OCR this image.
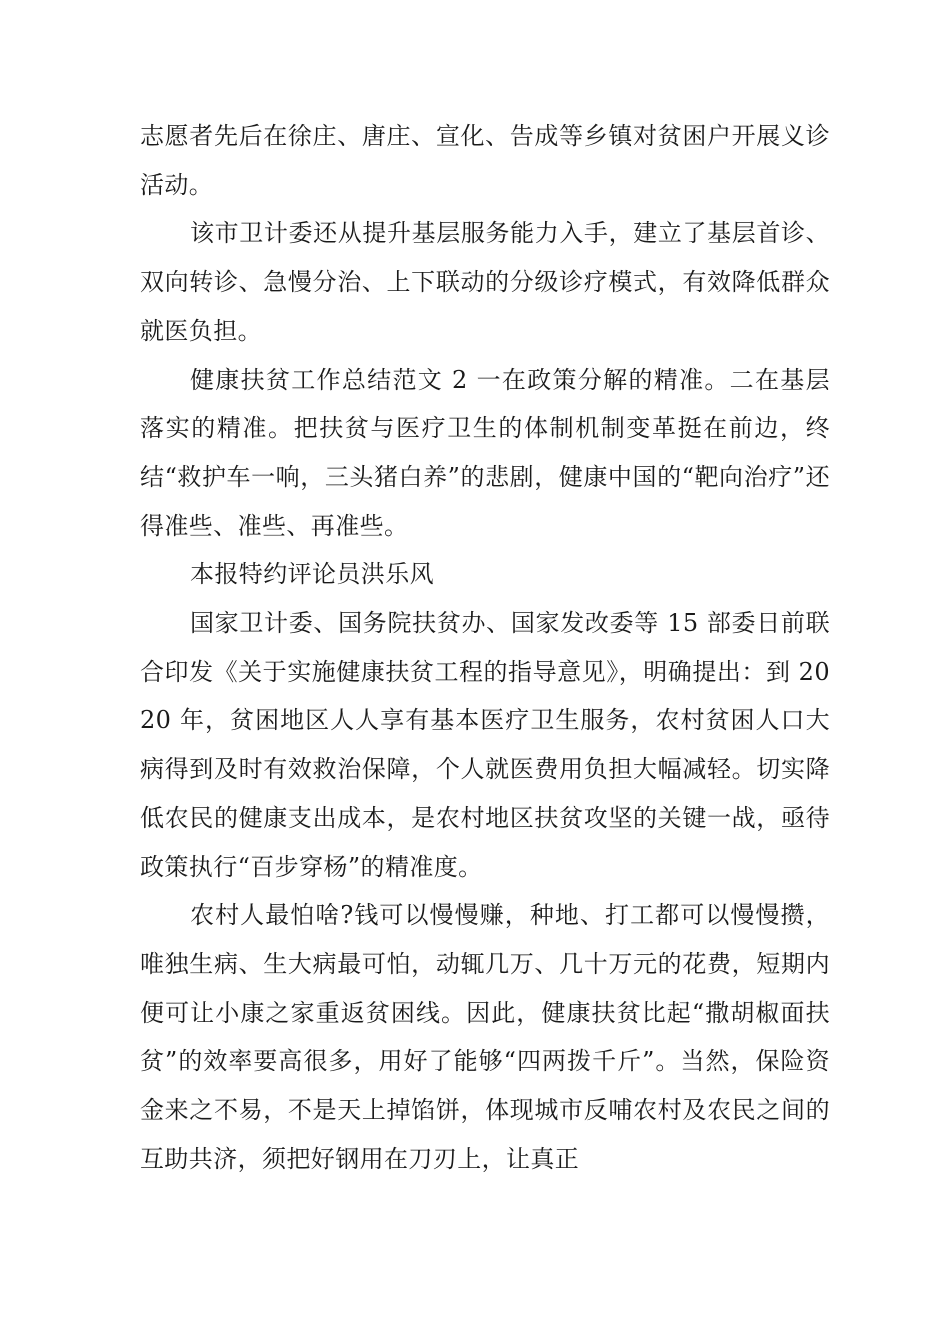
志愿者先后在徐庄、唐庄、宣化、告成等乡镇对贫困户开展义诊活动。

该市卫计委还从提升基层服务能力入手，建立了基层首诊、双向转诊、急慢分治、上下联动的分级诊疗模式，有效降低群众就医负担。

健康扶贫工作总结范文 2 一在政策分解的精准。二在基层落实的精准。把扶贫与医疗卫生的体制机制变革挺在前边，终结“救护车一响，三头猪白养”的悲剧，健康中国的“靶向治疗”还得准些、准些、再准些。

本报特约评论员洪乐风

国家卫计委、国务院扶贫办、国家发改委等 15 部委日前联合印发《关于实施健康扶贫工程的指导意见》，明确提出：到 2020 年，贫困地区人人享有基本医疗卫生服务，农村贫困人口大病得到及时有效救治保障，个人就医费用负担大幅减轻。切实降低农民的健康支出成本，是农村地区扶贫攻坚的关键一战，亟待政策执行“百步穿杨”的精准度。

农村人最怕啥?钱可以慢慢赚，种地、打工都可以慢慢攒，唯独生病、生大病最可怕，动辄几万、几十万元的花费，短期内便可让小康之家重返贫困线。因此，健康扶贫比起“撒胡椒面扶贫”的效率要高很多，用好了能够“四两拨千斤”。当然，保险资金来之不易，不是天上掉馅饼，体现城市反哺农村及农民之间的互助共济，须把好钢用在刀刃上，让真正
